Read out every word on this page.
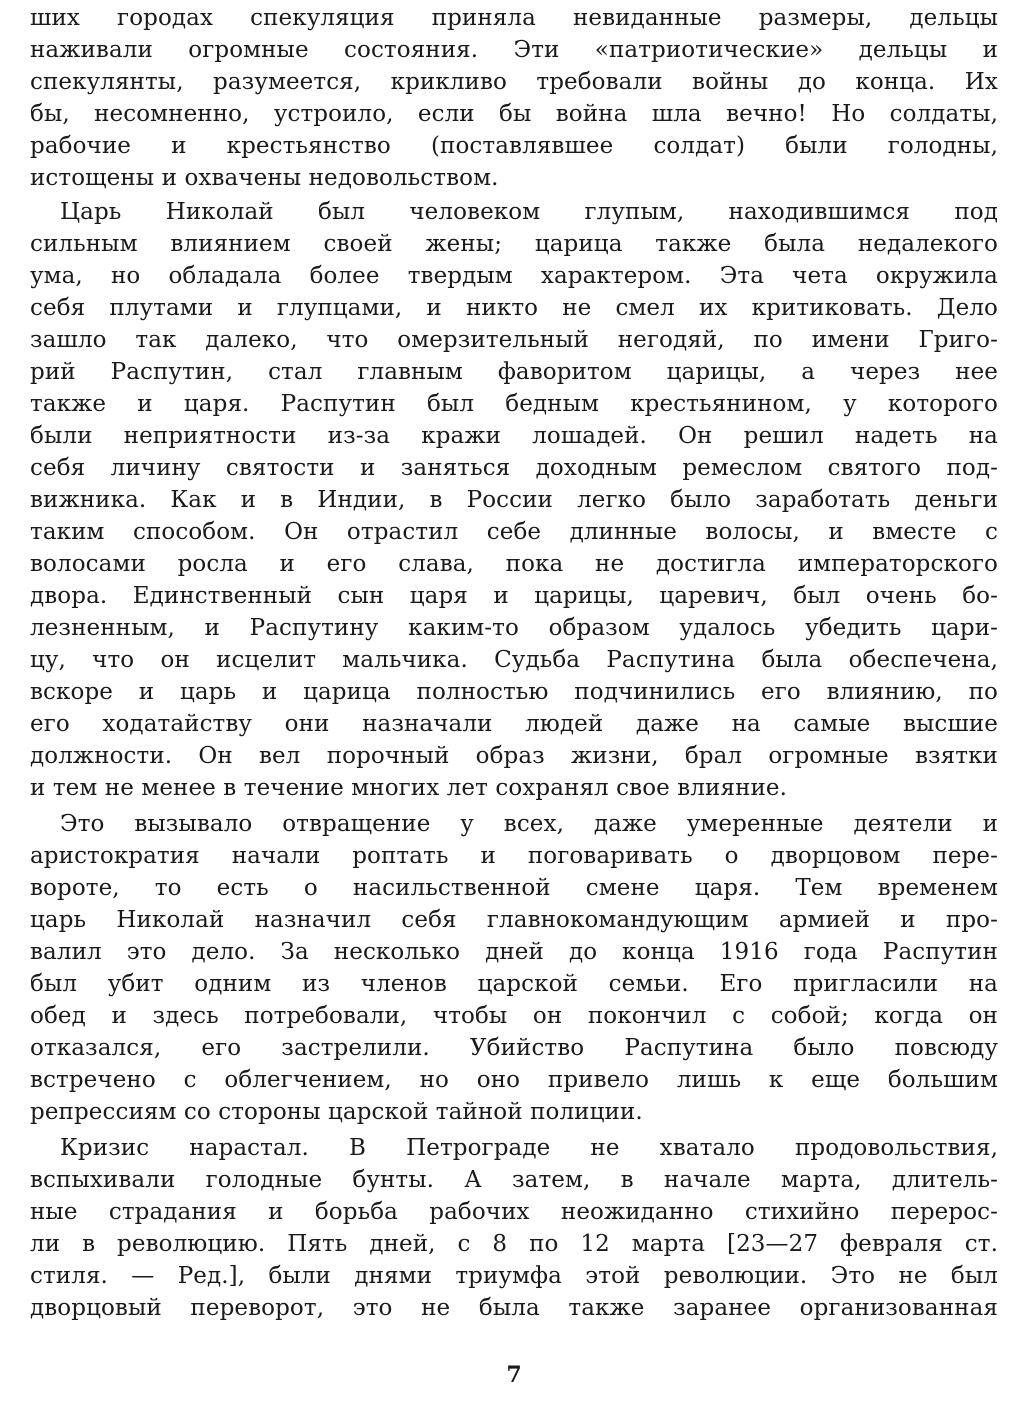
ших городах спекуляция приняла невиданные размеры, дельцы
наживали огромные состояния. Эти «патриотические» дельцы и
спекулянты, разумеется, крикливо требовали войны до конца. Их
бы, несомненно, устроило, если бы война шла вечно! Но солдаты,
рабочие и крестьянство (поставлявшее солдат) были голодны,
истощены и охвачены недовольством.
Царь Николай был человеком глупым, находившимся под
сильным влиянием своей жены; царица также была недалекого
ума, но обладала более твердым характером. Эта чета окружила
себя плутами и глупцами, и никто не смел их критиковать. Дело
зашло так далеко, что омерзительный негодяй, по имени Григо-
рий Распутин, стал главным фаворитом царицы, а через нее
также и царя. Распутин был бедным крестьянином, у которого
были неприятности из-за кражи лошадей. Он решил надеть на
себя личину святости и заняться доходным ремеслом святого под-
вижника. Как и в Индии, в России легко было заработать деньги
таким способом. Он отрастил себе длинные волосы, и вместе с
волосами росла и его слава, пока не достигла императорского
двора. Единственный сын царя и царицы, царевич, был очень бо-
лезненным, и Распутину каким-то образом удалось убедить цари-
цу, что он исцелит мальчика. Судьба Распутина была обеспечена,
вскоре и царь и царица полностью подчинились его влиянию, по
его ходатайству они назначали людей даже на самые высшие
должности. Он вел порочный образ жизни, брал огромные взятки
и тем не менее в течение многих лет сохранял свое влияние.
Это вызывало отвращение у всех, даже умеренные деятели и
аристократия начали роптать и поговаривать о дворцовом пере-
вороте, то есть о насильственной смене царя. Тем временем
царь Николай назначил себя главнокомандующим армией и про-
валил это дело. За несколько дней до конца 1916 года Распутин
был убит одним из членов царской семьи. Его пригласили на
обед и здесь потребовали, чтобы он покончил с собой; когда он
отказался, его застрелили. Убийство Распутина было повсюду
встречено с облегчением, но оно привело лишь к еще большим
репрессиям со стороны царской тайной полиции.
Кризис нарастал. В Петрограде не хватало продовольствия,
вспыхивали голодные бунты. А затем, в начале марта, длитель-
ные страдания и борьба рабочих неожиданно стихийно перерос-
ли в революцию. Пять дней, с 8 по 12 марта [23—27 февраля ст.
стиля. — Ред.], были днями триумфа этой революции. Это не был
дворцовый переворот, это не была также заранее организованная
7
